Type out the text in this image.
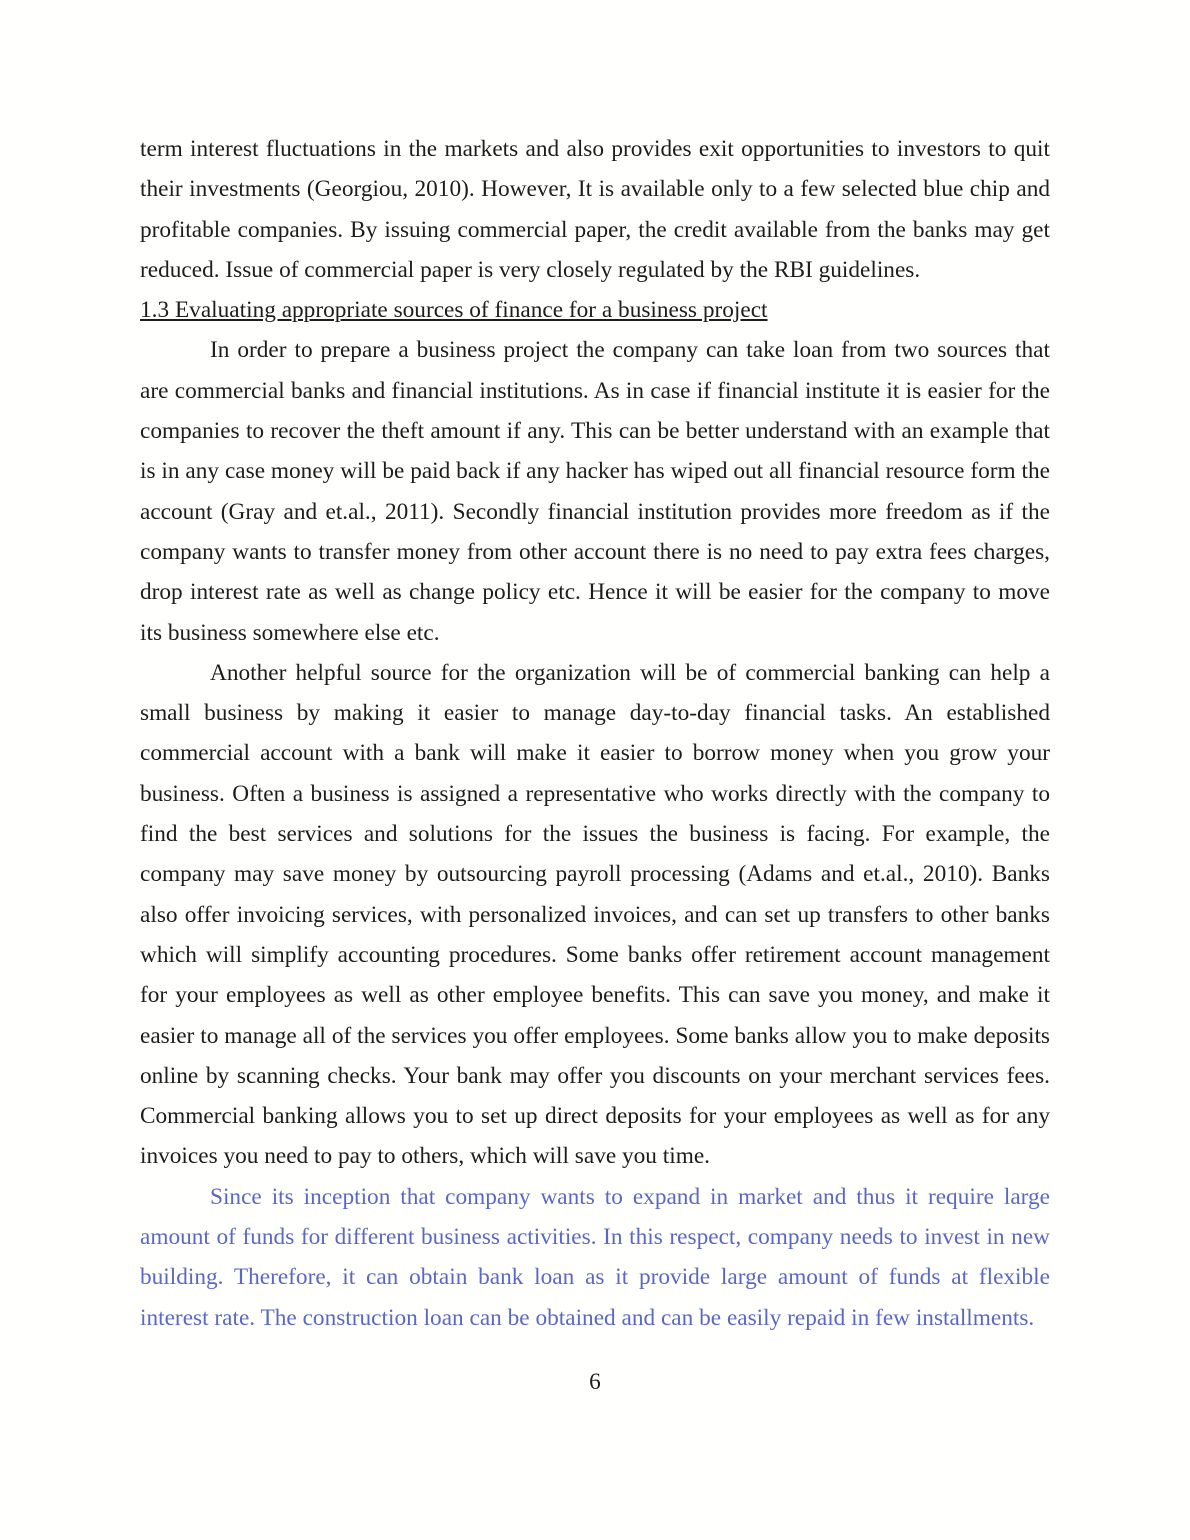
term interest fluctuations in the markets and also provides exit opportunities to investors to quit their investments (Georgiou, 2010). However, It is available only to a few selected blue chip and profitable companies. By issuing commercial paper, the credit available from the banks may get reduced. Issue of commercial paper is very closely regulated by the RBI guidelines.

1.3 Evaluating appropriate sources of finance for a business project

In order to prepare a business project the company can take loan from two sources that are commercial banks and financial institutions. As in case if financial institute it is easier for the companies to recover the theft amount if any. This can be better understand with an example that is in any case money will be paid back if any hacker has wiped out all financial resource form the account (Gray and et.al., 2011). Secondly financial institution provides more freedom as if the company wants to transfer money from other account there is no need to pay extra fees charges, drop interest rate as well as change policy etc. Hence it will be easier for the company to move its business somewhere else etc.

Another helpful source for the organization will be of commercial banking can help a small business by making it easier to manage day-to-day financial tasks. An established commercial account with a bank will make it easier to borrow money when you grow your business. Often a business is assigned a representative who works directly with the company to find the best services and solutions for the issues the business is facing. For example, the company may save money by outsourcing payroll processing (Adams and et.al., 2010). Banks also offer invoicing services, with personalized invoices, and can set up transfers to other banks which will simplify accounting procedures. Some banks offer retirement account management for your employees as well as other employee benefits. This can save you money, and make it easier to manage all of the services you offer employees. Some banks allow you to make deposits online by scanning checks. Your bank may offer you discounts on your merchant services fees. Commercial banking allows you to set up direct deposits for your employees as well as for any invoices you need to pay to others, which will save you time.

Since its inception that company wants to expand in market and thus it require large amount of funds for different business activities. In this respect, company needs to invest in new building. Therefore, it can obtain bank loan as it provide large amount of funds at flexible interest rate. The construction loan can be obtained and can be easily repaid in few installments.

6
